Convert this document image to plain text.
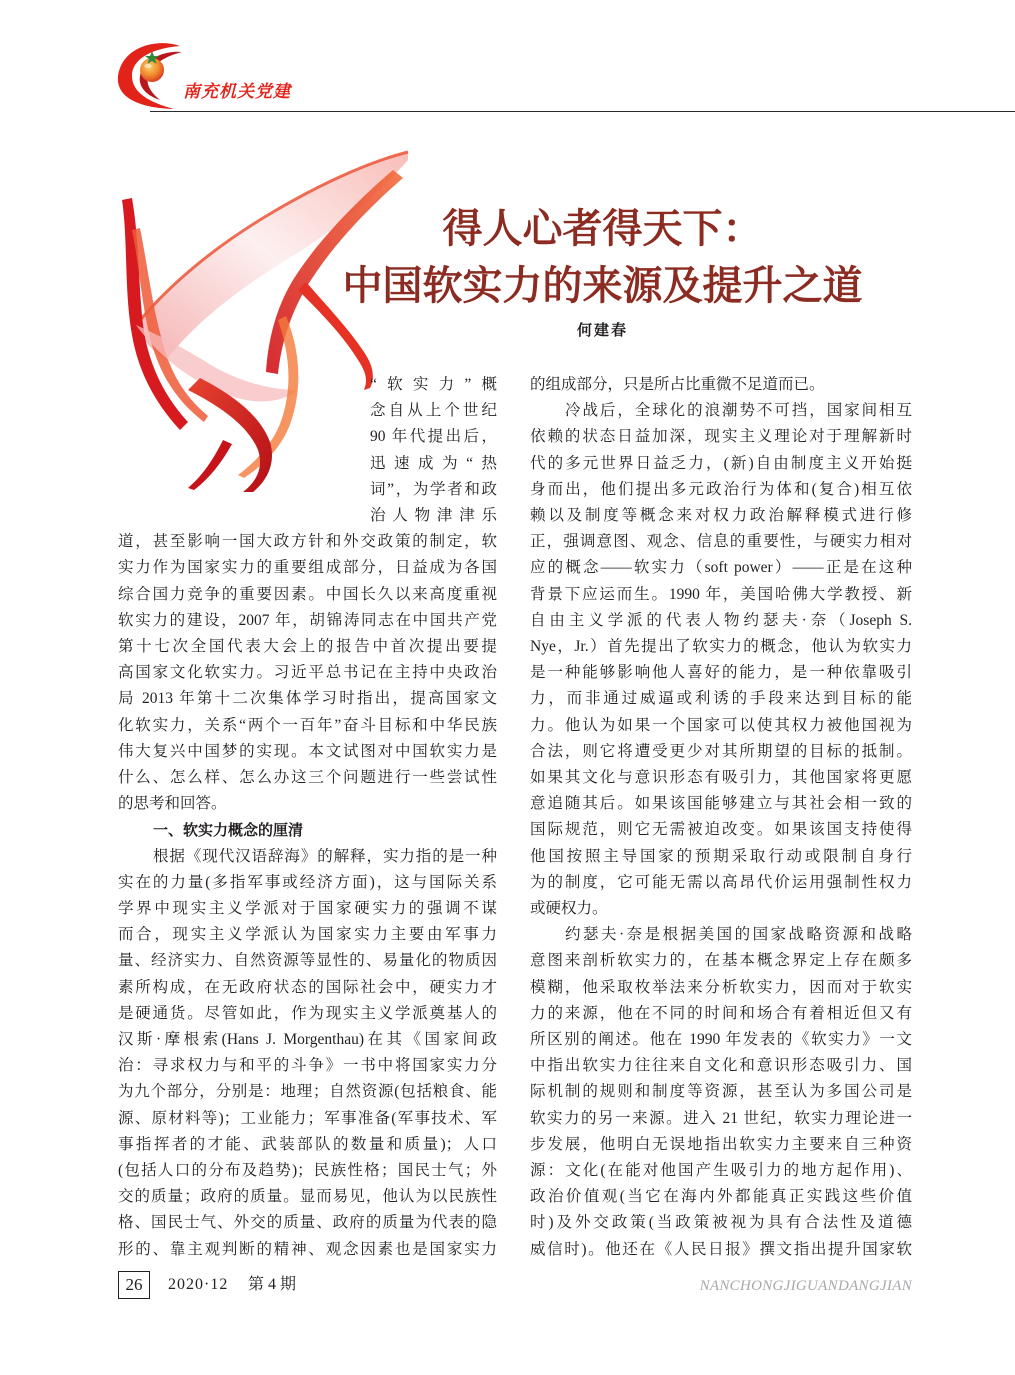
南充机关党建
得人心者得天下：
中国软实力的来源及提升之道
何建春
“软实力”概
念自从上个世纪
90 年代提出后，
迅速成为“热
词”，为学者和政
治人物津津乐
道，甚至影响一国大政方针和外交政策的制定，软
实力作为国家实力的重要组成部分，日益成为各国
综合国力竞争的重要因素。中国长久以来高度重视
软实力的建设，2007 年，胡锦涛同志在中国共产党
第十七次全国代表大会上的报告中首次提出要提
高国家文化软实力。习近平总书记在主持中央政治
局 2013 年第十二次集体学习时指出，提高国家文
化软实力，关系“两个一百年”奋斗目标和中华民族
伟大复兴中国梦的实现。本文试图对中国软实力是
什么、怎么样、怎么办这三个问题进行一些尝试性
的思考和回答。
一、软实力概念的厘清
根据《现代汉语辞海》的解释，实力指的是一种
实在的力量(多指军事或经济方面)，这与国际关系
学界中现实主义学派对于国家硬实力的强调不谋
而合，现实主义学派认为国家实力主要由军事力
量、经济实力、自然资源等显性的、易量化的物质因
素所构成，在无政府状态的国际社会中，硬实力才
是硬通货。尽管如此，作为现实主义学派奠基人的
汉斯·摩根索(Hans J. Morgenthau)在其《国家间政
治：寻求权力与和平的斗争》一书中将国家实力分
为九个部分，分别是：地理；自然资源(包括粮食、能
源、原材料等)；工业能力；军事准备(军事技术、军
事指挥者的才能、武装部队的数量和质量)；人口
(包括人口的分布及趋势)；民族性格；国民士气；外
交的质量；政府的质量。显而易见，他认为以民族性
格、国民士气、外交的质量、政府的质量为代表的隐
形的、靠主观判断的精神、观念因素也是国家实力
的组成部分，只是所占比重微不足道而已。
冷战后，全球化的浪潮势不可挡，国家间相互
依赖的状态日益加深，现实主义理论对于理解新时
代的多元世界日益乏力，(新)自由制度主义开始挺
身而出，他们提出多元政治行为体和(复合)相互依
赖以及制度等概念来对权力政治解释模式进行修
正，强调意图、观念、信息的重要性，与硬实力相对
应的概念——软实力（soft power）——正是在这种
背景下应运而生。1990 年，美国哈佛大学教授、新
自由主义学派的代表人物约瑟夫·奈（Joseph S.
Nye，Jr.）首先提出了软实力的概念，他认为软实力
是一种能够影响他人喜好的能力，是一种依靠吸引
力，而非通过威逼或利诱的手段来达到目标的能
力。他认为如果一个国家可以使其权力被他国视为
合法，则它将遭受更少对其所期望的目标的抵制。
如果其文化与意识形态有吸引力，其他国家将更愿
意追随其后。如果该国能够建立与其社会相一致的
国际规范，则它无需被迫改变。如果该国支持使得
他国按照主导国家的预期采取行动或限制自身行
为的制度，它可能无需以高昂代价运用强制性权力
或硬权力。
约瑟夫·奈是根据美国的国家战略资源和战略
意图来剖析软实力的，在基本概念界定上存在颇多
模糊，他采取枚举法来分析软实力，因而对于软实
力的来源，他在不同的时间和场合有着相近但又有
所区别的阐述。他在 1990 年发表的《软实力》一文
中指出软实力往往来自文化和意识形态吸引力、国
际机制的规则和制度等资源，甚至认为多国公司是
软实力的另一来源。进入 21 世纪，软实力理论进一
步发展，他明白无误地指出软实力主要来自三种资
源：文化(在能对他国产生吸引力的地方起作用)、
政治价值观(当它在海内外都能真正实践这些价值
时)及外交政策(当政策被视为具有合法性及道德
威信时)。他还在《人民日报》撰文指出提升国家软
26	2020·12 第 4 期	NANCHONGJIGUANDANGJIAN
